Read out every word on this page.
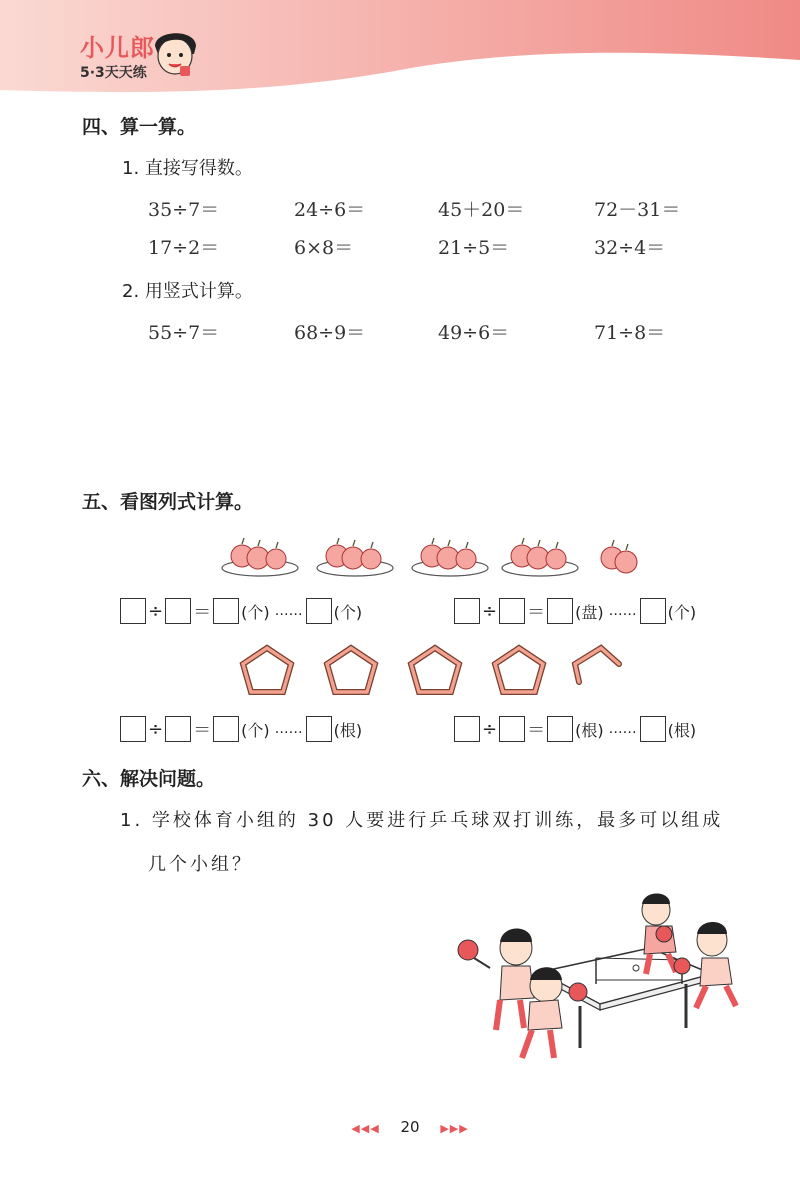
小儿郎
5·3天天练
四、算一算。
1. 直接写得数。
35÷7＝	24÷6＝	45＋20＝	72－31＝
17÷2＝	6×8＝	21÷5＝	32÷4＝
2. 用竖式计算。
55÷7＝	68÷9＝	49÷6＝	71÷8＝
五、看图列式计算。
÷ ＝ (个) …… (个)	÷ ＝ (盘) …… (个)
÷ ＝ (个) …… (根)	÷ ＝ (根) …… (根)
六、解决问题。
1. 学校体育小组的 30 人要进行乒乓球双打训练，最多可以组成
几个小组？
◀◀◀ 20 ▶▶▶
